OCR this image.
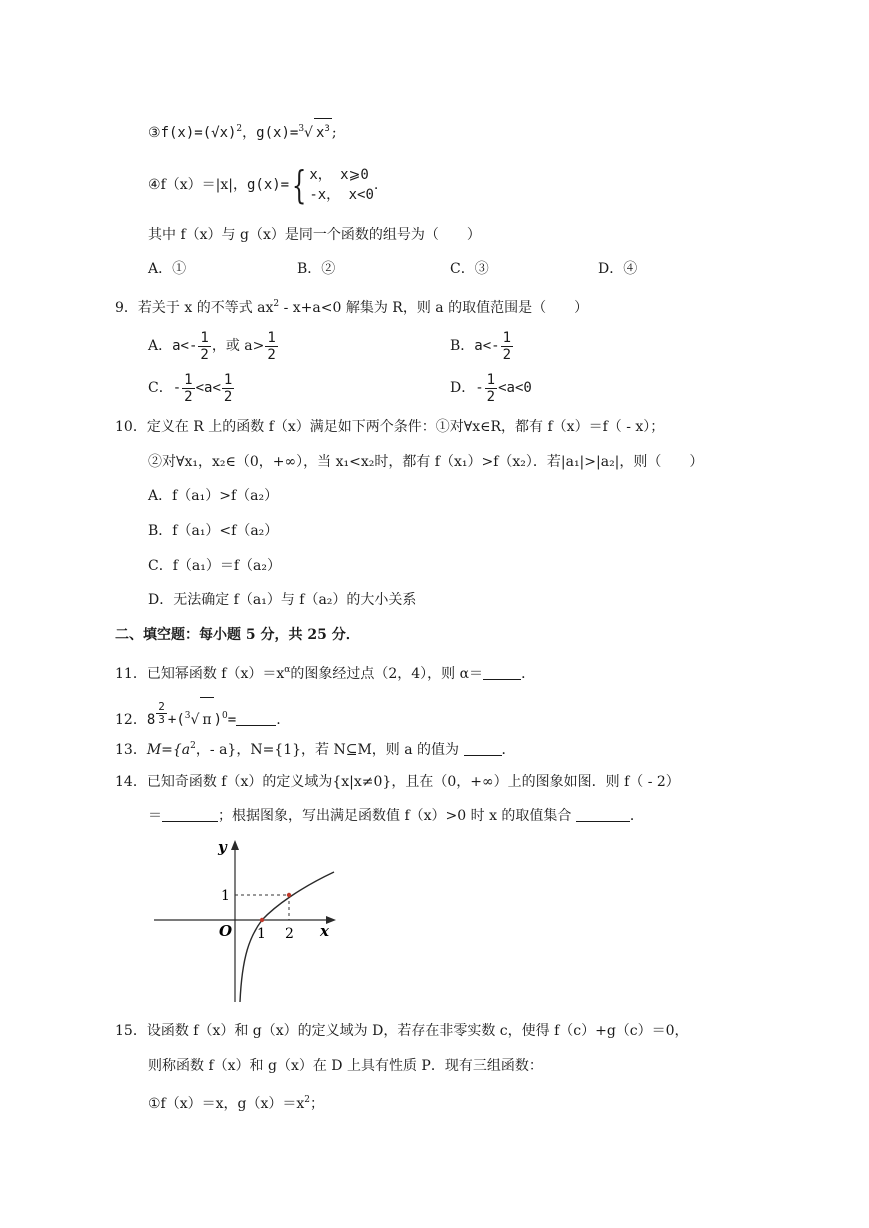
$③f(x)=(√x)^2$，g(x)=$^3$√ $x^3$ ;
④f（x）＝|x|，g(x)={ x， x⩾0
-x， x<0
.
其中 f（x）与 g（x）是同一个函数的组号为（　　）
A．①	B．②	C．③	D．④
9．若关于 x 的不等式 $ax^2 - x+a<0$ 解集为 R，则 a 的取值范围是（　　）
A．$a<- \frac{1}{2}$ ，或 $a> \frac{1}{2}$	B．$a<- \frac{1}{2}$
C．- $\frac{1}{2} <a< \frac{1}{2}$	D．- $\frac{1}{2} <a<0$
10．定义在 R 上的函数 f（x）满足如下两个条件：①对∀x∈R，都有 f（x）＝f（ - x）；
②对∀x₁，x₂∈（0，+∞），当 x₁<x₂时，都有 f（x₁）>f（x₂）．若|a₁|>|a₂|，则（　　）
A．f（a₁）>f（a₂）
B．f（a₁）<f（a₂）
C．f（a₁）＝f（a₂）
D．无法确定 f（a₁）与 f（a₂）的大小关系
二、填空题：每小题 5 分，共 25 分．
11．已知幂函数 $f(x)=x^\alpha$的图象经过点（2，4），则 α＝	．
12．$8 \frac{2}{3} +(^3√$ π )$^0$=	.
13．$M=\{a^2$，- a}，N={1}，若 N⊆M，则 a 的值为	．
14．已知奇函数 f（x）的定义域为{x|x≠0}，且在（0，+∞）上的图象如图．则 f（ - 2）
＝	；根据图象，写出满足函数值 f（x）>0 时 x 的取值集合	．
y
x
O 1 2
1
15．设函数 f（x）和 g（x）的定义域为 D，若存在非零实数 c，使得 f（c）+g（c）＝0，
则称函数 f（x）和 g（x）在 D 上具有性质 P．现有三组函数：
①f（x）＝x，$g(x)=x^2$；
